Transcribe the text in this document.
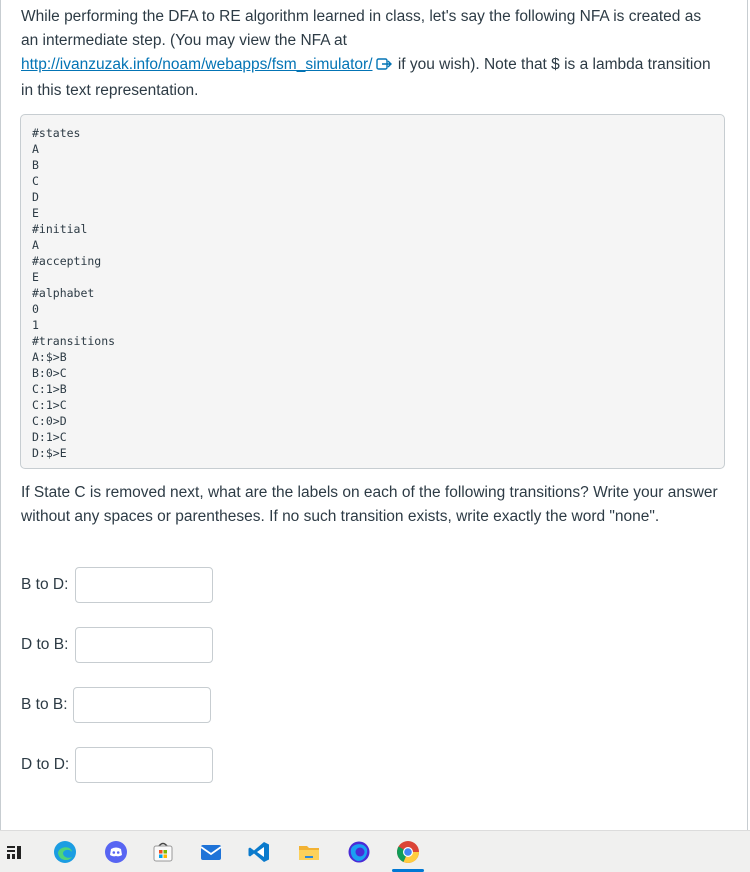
While performing the DFA to RE algorithm learned in class, let's say the following NFA is created as an intermediate step. (You may view the NFA at
http://ivanzuzak.info/noam/webapps/fsm_simulator/ if you wish). Note that $ is a lambda transition in this text representation.

#states
A
B
C
D
E
#initial
A
#accepting
E
#alphabet
0
1
#transitions
A:$>B
B:0>C
C:1>B
C:1>C
C:0>D
D:1>C
D:$>E

If State C is removed next, what are the labels on each of the following transitions? Write your answer without any spaces or parentheses. If no such transition exists, write exactly the word "none".

B to D:
D to B:
B to B:
D to D:
